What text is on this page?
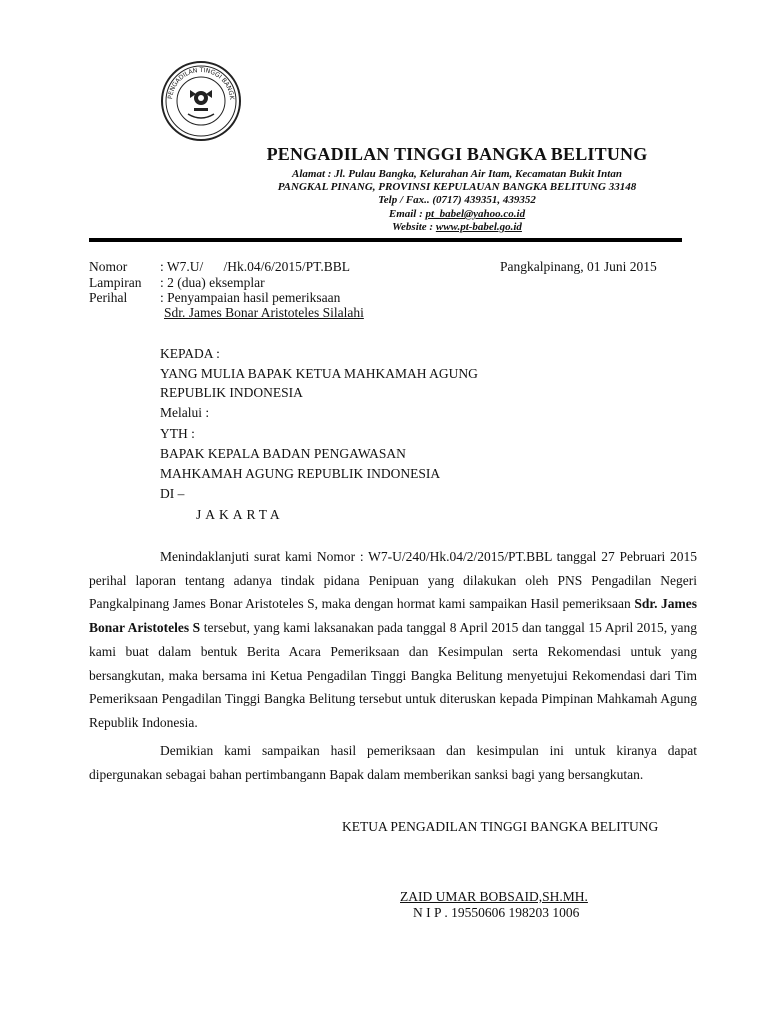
PENGADILAN TINGGI BANGK
PENGADILAN TINGGI BANGKA BELITUNG
Alamat : Jl. Pulau Bangka, Kelurahan Air Itam, Kecamatan Bukit Intan
PANGKAL PINANG, PROVINSI KEPULAUAN BANGKA BELITUNG 33148
Telp / Fax.. (0717) 439351, 439352
Email : pt_babel@yahoo.co.id
Website : www.pt-babel.go.id
Nomor : W7.U/      /Hk.04/6/2015/PT.BBL	Pangkalpinang, 01 Juni 2015
Lampiran : 2 (dua) eksemplar
Perihal : Penyampaian hasil pemeriksaan
Sdr. James Bonar Aristoteles Silalahi
KEPADA :
YANG MULIA BAPAK KETUA MAHKAMAH AGUNG
REPUBLIK INDONESIA
Melalui :
YTH :
BAPAK KEPALA BADAN PENGAWASAN
MAHKAMAH AGUNG REPUBLIK INDONESIA
DI –
JAKARTA
Menindaklanjuti surat kami Nomor : W7-U/240/Hk.04/2/2015/PT.BBL tanggal 27 Pebruari 2015 perihal laporan tentang adanya tindak pidana Penipuan yang dilakukan oleh PNS Pengadilan Negeri Pangkalpinang James Bonar Aristoteles S, maka dengan hormat kami sampaikan Hasil pemeriksaan Sdr. James Bonar Aristoteles S tersebut, yang kami laksanakan pada tanggal 8 April 2015 dan tanggal 15 April 2015, yang kami buat dalam bentuk Berita Acara Pemeriksaan dan Kesimpulan serta Rekomendasi untuk yang bersangkutan, maka bersama ini Ketua Pengadilan Tinggi Bangka Belitung menyetujui Rekomendasi dari Tim Pemeriksaan Pengadilan Tinggi Bangka Belitung tersebut untuk diteruskan kepada Pimpinan Mahkamah Agung Republik Indonesia.
Demikian kami sampaikan hasil pemeriksaan dan kesimpulan ini untuk kiranya dapat dipergunakan sebagai bahan pertimbangann Bapak dalam memberikan sanksi bagi yang bersangkutan.
KETUA PENGADILAN TINGGI BANGKA BELITUNG
ZAID UMAR BOBSAID,SH.MH.
N I P . 19550606 198203 1006
